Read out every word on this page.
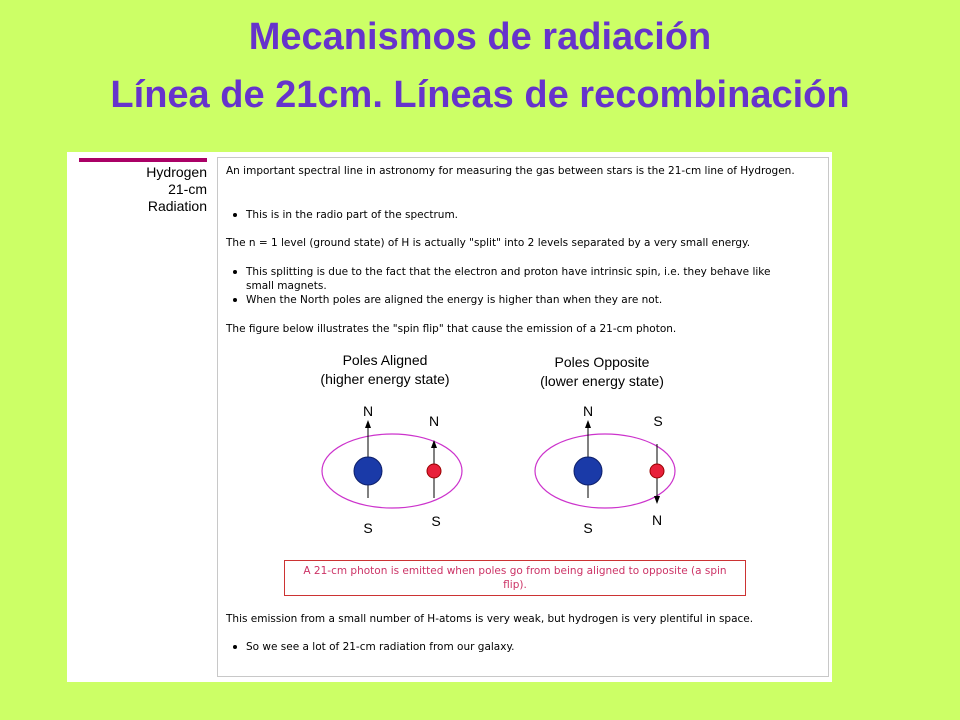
Mecanismos de radiación
Línea de 21cm. Líneas de recombinación
Hydrogen
21-cm
Radiation

An important spectral line in astronomy for measuring the gas between stars is the 21-cm line of Hydrogen.

This is in the radio part of the spectrum.

The n = 1 level (ground state) of H is actually "split" into 2 levels separated by a very small energy.

This splitting is due to the fact that the electron and proton have intrinsic spin, i.e. they behave like small magnets.

When the North poles are aligned the energy is higher than when they are not.

The figure below illustrates the "spin flip" that cause the emission of a 21-cm photon.

Poles Aligned
(higher energy state)
N
S
N
S
Poles Opposite
(lower energy state)
N
S
S
N
A 21-cm photon is emitted when poles go from being aligned to opposite (a spin flip).

This emission from a small number of H-atoms is very weak, but hydrogen is very plentiful in space.

So we see a lot of 21-cm radiation from our galaxy.
